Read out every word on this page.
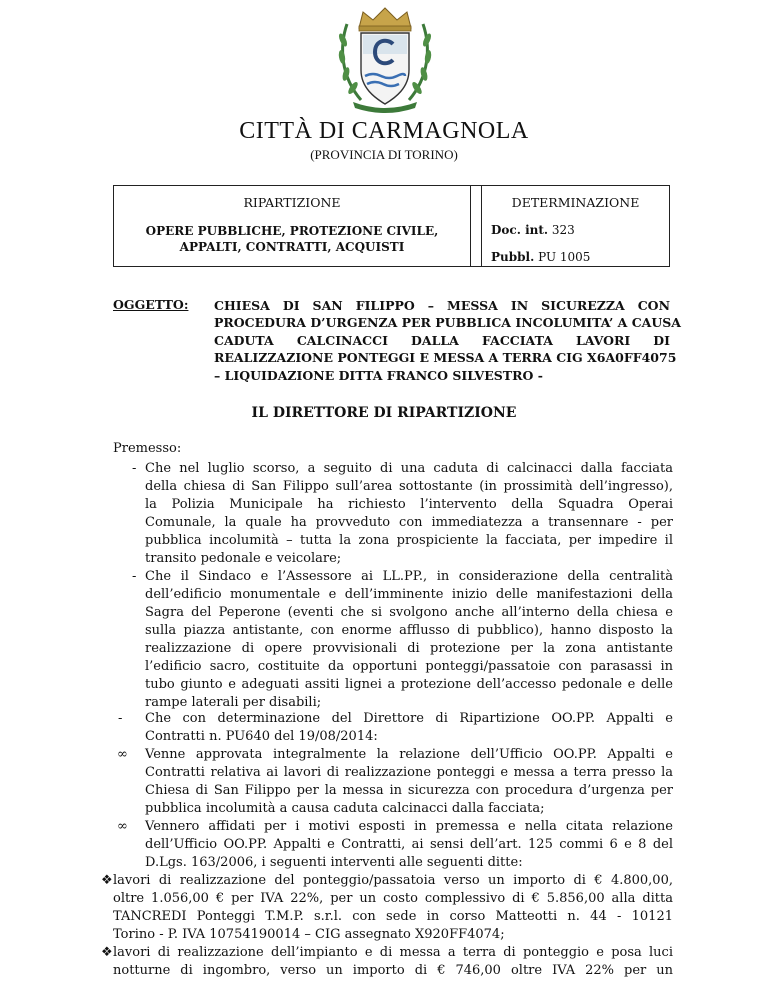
CITTÀ DI CARMAGNOLA
(PROVINCIA DI TORINO)
RIPARTIZIONE
OPERE PUBBLICHE, PROTEZIONE CIVILE,
APPALTI, CONTRATTI, ACQUISTI
DETERMINAZIONE
Doc. int. 323
Pubbl. PU 1005
OGGETTO: CHIESA DI SAN FILIPPO – MESSA IN SICUREZZA CON
PROCEDURA D’URGENZA PER PUBBLICA INCOLUMITA’ A CAUSA
CADUTA CALCINACCI DALLA FACCIATA LAVORI DI
REALIZZAZIONE PONTEGGI E MESSA A TERRA CIG X6A0FF4075
– LIQUIDAZIONE DITTA FRANCO SILVESTRO -
IL DIRETTORE DI RIPARTIZIONE
Premesso:
- Che nel luglio scorso, a seguito di una caduta di calcinacci dalla facciata
della chiesa di San Filippo sull’area sottostante (in prossimità dell’ingresso),
la Polizia Municipale ha richiesto l’intervento della Squadra Operai
Comunale, la quale ha provveduto con immediatezza a transennare - per
pubblica incolumità – tutta la zona prospiciente la facciata, per impedire il
transito pedonale e veicolare;
- Che il Sindaco e l’Assessore ai LL.PP., in considerazione della centralità
dell’edificio monumentale e dell’imminente inizio delle manifestazioni della
Sagra del Peperone (eventi che si svolgono anche all’interno della chiesa e
sulla piazza antistante, con enorme afflusso di pubblico), hanno disposto la
realizzazione di opere provvisionali di protezione per la zona antistante
l’edificio sacro, costituite da opportuni ponteggi/passatoie con parasassi in
tubo giunto e adeguati assiti lignei a protezione dell’accesso pedonale e delle
rampe laterali per disabili;
- Che con determinazione del Direttore di Ripartizione OO.PP. Appalti e
Contratti n. PU640 del 19/08/2014:
∞ Venne approvata integralmente la relazione dell’Ufficio OO.PP. Appalti e
Contratti relativa ai lavori di realizzazione ponteggi e messa a terra presso la
Chiesa di San Filippo per la messa in sicurezza con procedura d’urgenza per
pubblica incolumità a causa caduta calcinacci dalla facciata;
∞ Vennero affidati per i motivi esposti in premessa e nella citata relazione
dell’Ufficio OO.PP. Appalti e Contratti, ai sensi dell’art. 125 commi 6 e 8 del
D.Lgs. 163/2006, i seguenti interventi alle seguenti ditte:
❖ lavori di realizzazione del ponteggio/passatoia verso un importo di € 4.800,00,
oltre 1.056,00 € per IVA 22%, per un costo complessivo di € 5.856,00 alla ditta
TANCREDI Ponteggi T.M.P. s.r.l. con sede in corso Matteotti n. 44 - 10121
Torino - P. IVA 10754190014 – CIG assegnato X920FF4074;
❖ lavori di realizzazione dell’impianto e di messa a terra di ponteggio e posa luci
notturne di ingombro, verso un importo di € 746,00 oltre IVA 22% per un
